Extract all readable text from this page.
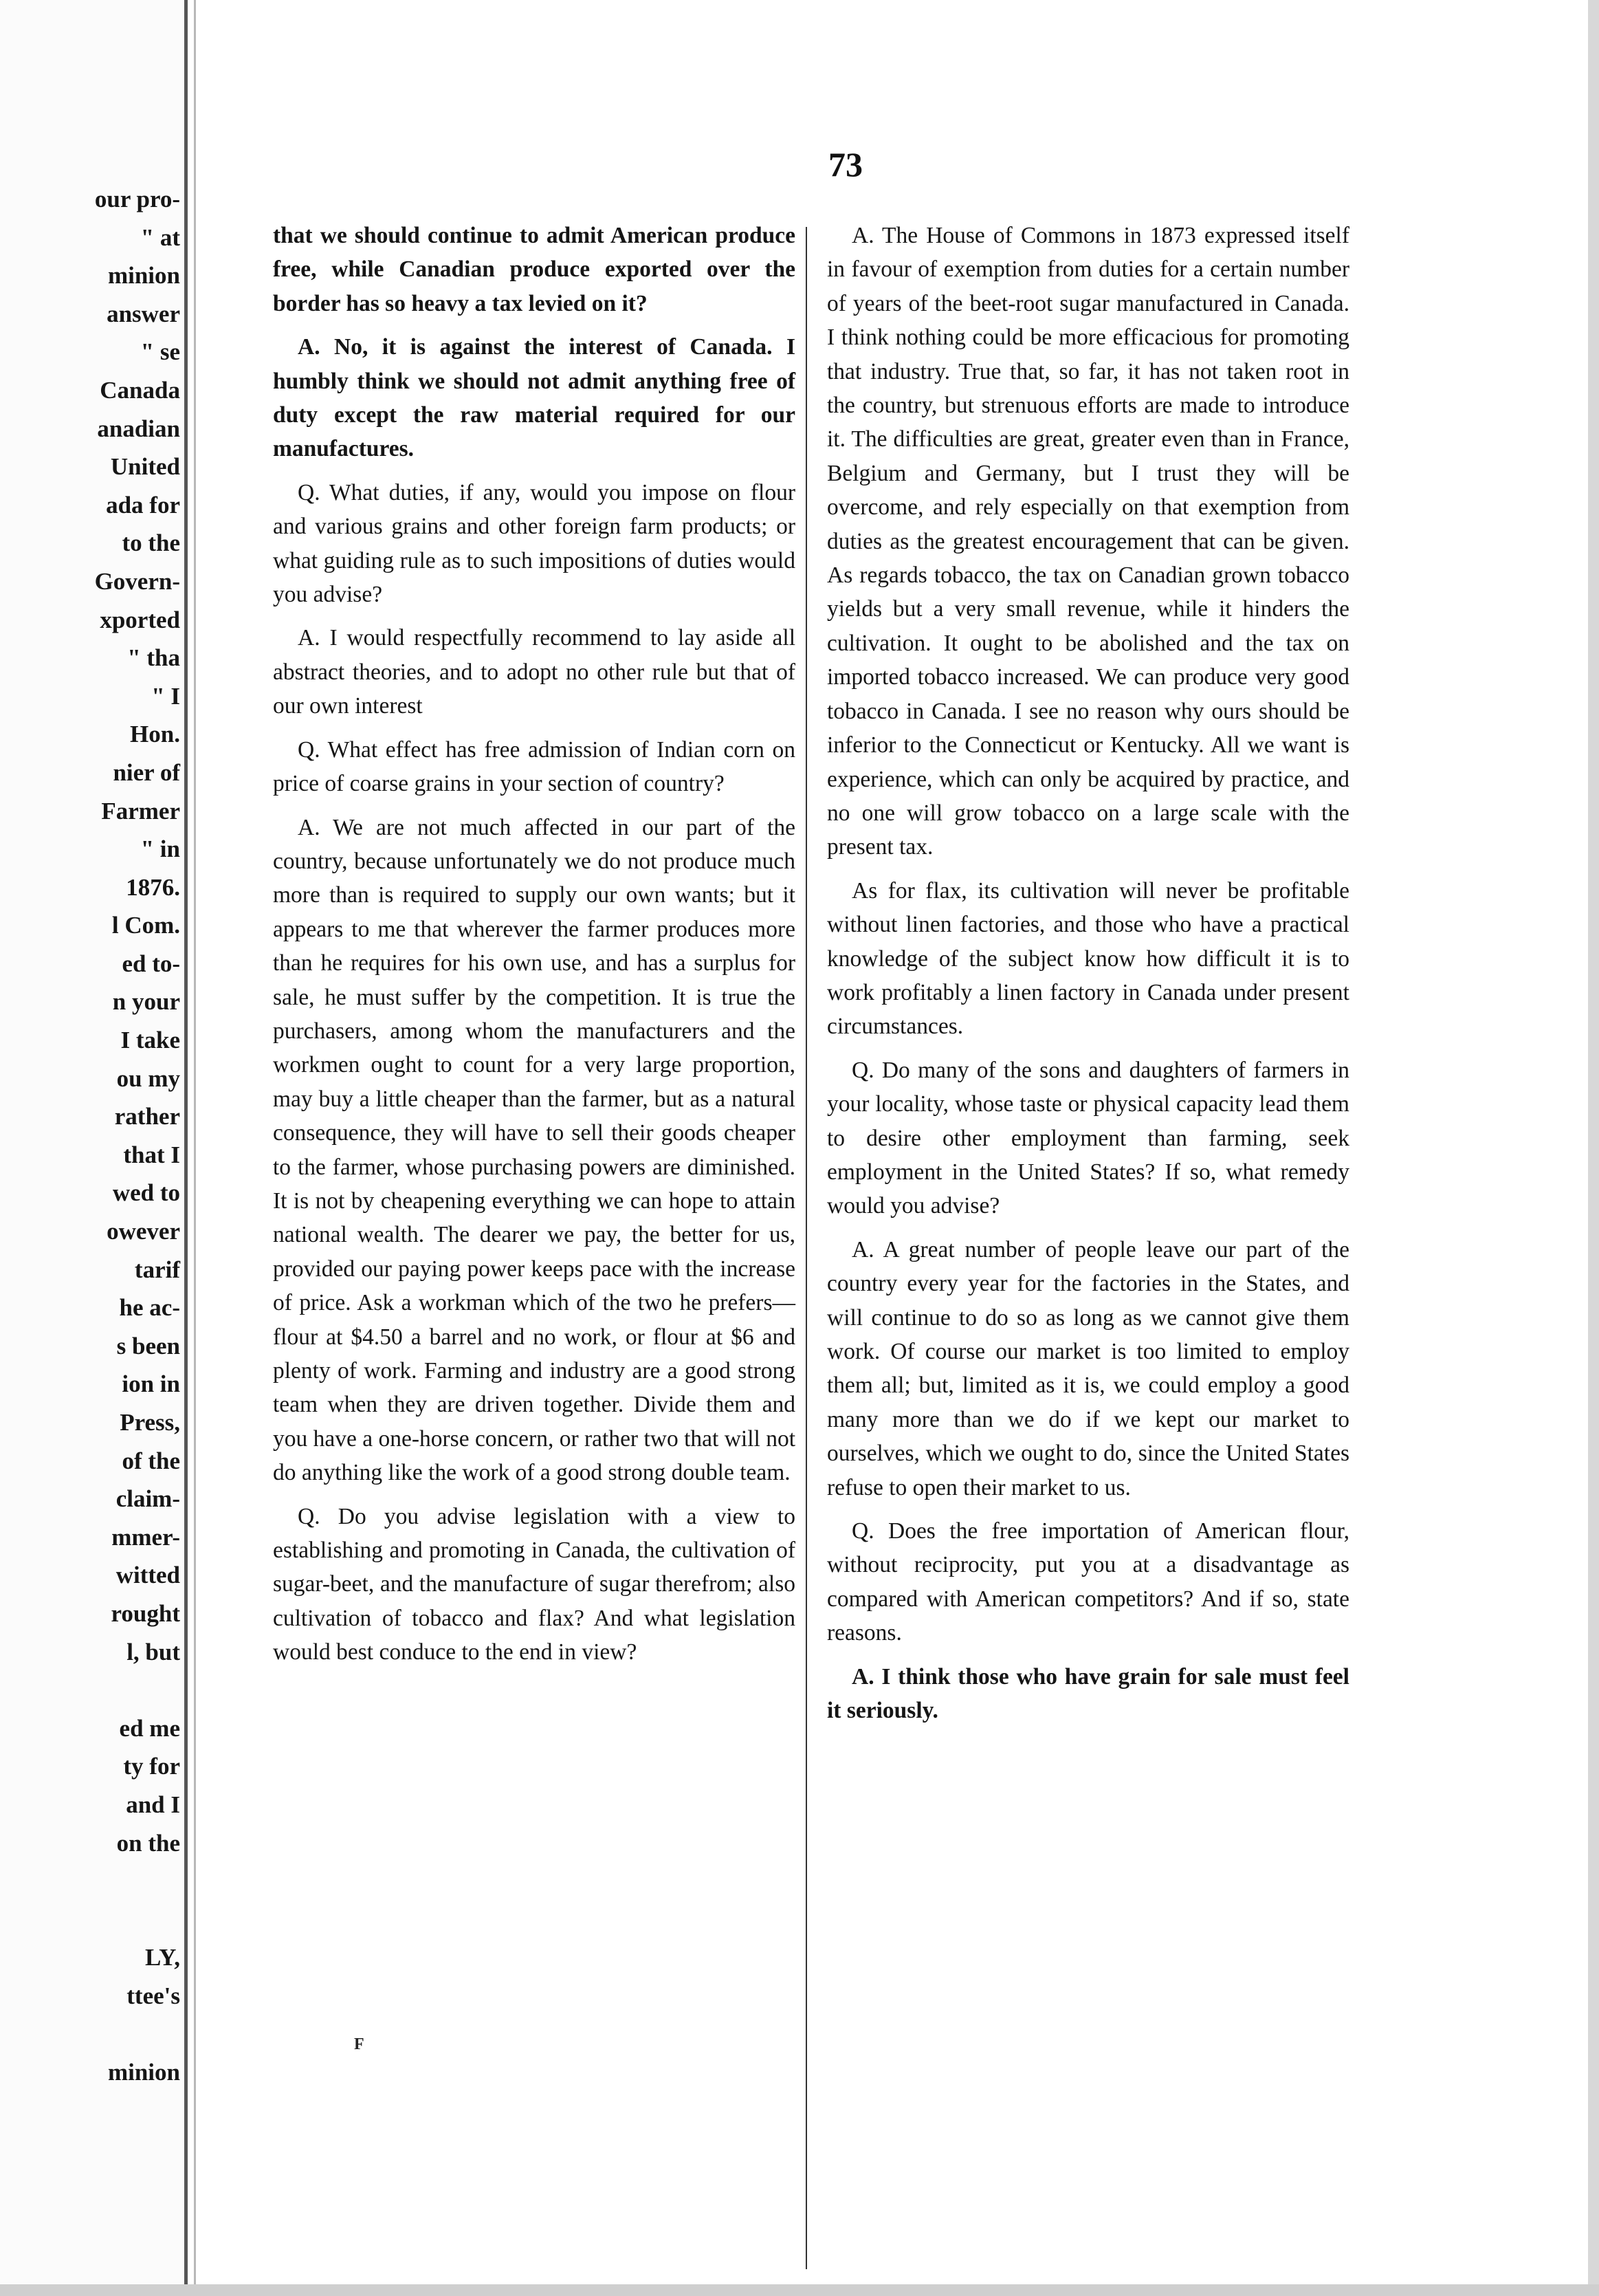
our pro-
" at
minion
answer
" se
Canada
anadian
United
ada for
to the
Govern-
xported
" tha
" I
Hon.
nier of
Farmer
" in
1876.
l Com.
ed to-
n your
I take
ou my
rather
that I
wed to
owever
tarif
he ac-
s been
ion in
Press,
of the
claim-
mmer-
witted
rought
l, but
ed me
ty for
and I
on the
LY,
ttee's
minion
73

that we should continue to admit American produce free, while Canadian produce exported over the border has so heavy a tax levied on it?

A. No, it is against the interest of Canada. I humbly think we should not admit anything free of duty except the raw material required for our manufactures.

Q. What duties, if any, would you impose on flour and various grains and other foreign farm products; or what guiding rule as to such impositions of duties would you advise?

A. I would respectfully recommend to lay aside all abstract theories, and to adopt no other rule but that of our own interest

Q. What effect has free admission of Indian corn on price of coarse grains in your section of country?

A. We are not much affected in our part of the country, because unfortunately we do not produce much more than is required to supply our own wants; but it appears to me that wherever the farmer produces more than he requires for his own use, and has a surplus for sale, he must suffer by the competition. It is true the purchasers, among whom the manufacturers and the workmen ought to count for a very large proportion, may buy a little cheaper than the farmer, but as a natural consequence, they will have to sell their goods cheaper to the farmer, whose purchasing powers are diminished. It is not by cheapening everything we can hope to attain national wealth. The dearer we pay, the better for us, provided our paying power keeps pace with the increase of price. Ask a workman which of the two he prefers—flour at $4.50 a barrel and no work, or flour at $6 and plenty of work. Farming and industry are a good strong team when they are driven together. Divide them and you have a one-horse concern, or rather two that will not do anything like the work of a good strong double team.

Q. Do you advise legislation with a view to establishing and promoting in Canada, the cultivation of sugar-beet, and the manufacture of sugar therefrom; also cultivation of tobacco and flax? And what legislation would best conduce to the end in view?

A. The House of Commons in 1873 expressed itself in favour of exemption from duties for a certain number of years of the beet-root sugar manufactured in Canada. I think nothing could be more efficacious for promoting that industry. True that, so far, it has not taken root in the country, but strenuous efforts are made to introduce it. The difficulties are great, greater even than in France, Belgium and Germany, but I trust they will be overcome, and rely especially on that exemption from duties as the greatest encouragement that can be given. As regards tobacco, the tax on Canadian grown tobacco yields but a very small revenue, while it hinders the cultivation. It ought to be abolished and the tax on imported tobacco increased. We can produce very good tobacco in Canada. I see no reason why ours should be inferior to the Connecticut or Kentucky. All we want is experience, which can only be acquired by practice, and no one will grow tobacco on a large scale with the present tax.

As for flax, its cultivation will never be profitable without linen factories, and those who have a practical knowledge of the subject know how difficult it is to work profitably a linen factory in Canada under present circumstances.

Q. Do many of the sons and daughters of farmers in your locality, whose taste or physical capacity lead them to desire other employment than farming, seek employment in the United States? If so, what remedy would you advise?

A. A great number of people leave our part of the country every year for the factories in the States, and will continue to do so as long as we cannot give them work. Of course our market is too limited to employ them all; but, limited as it is, we could employ a good many more than we do if we kept our market to ourselves, which we ought to do, since the United States refuse to open their market to us.

Q. Does the free importation of American flour, without reciprocity, put you at a disadvantage as compared with American competitors? And if so, state reasons.

A. I think those who have grain for sale must feel it seriously.

F
